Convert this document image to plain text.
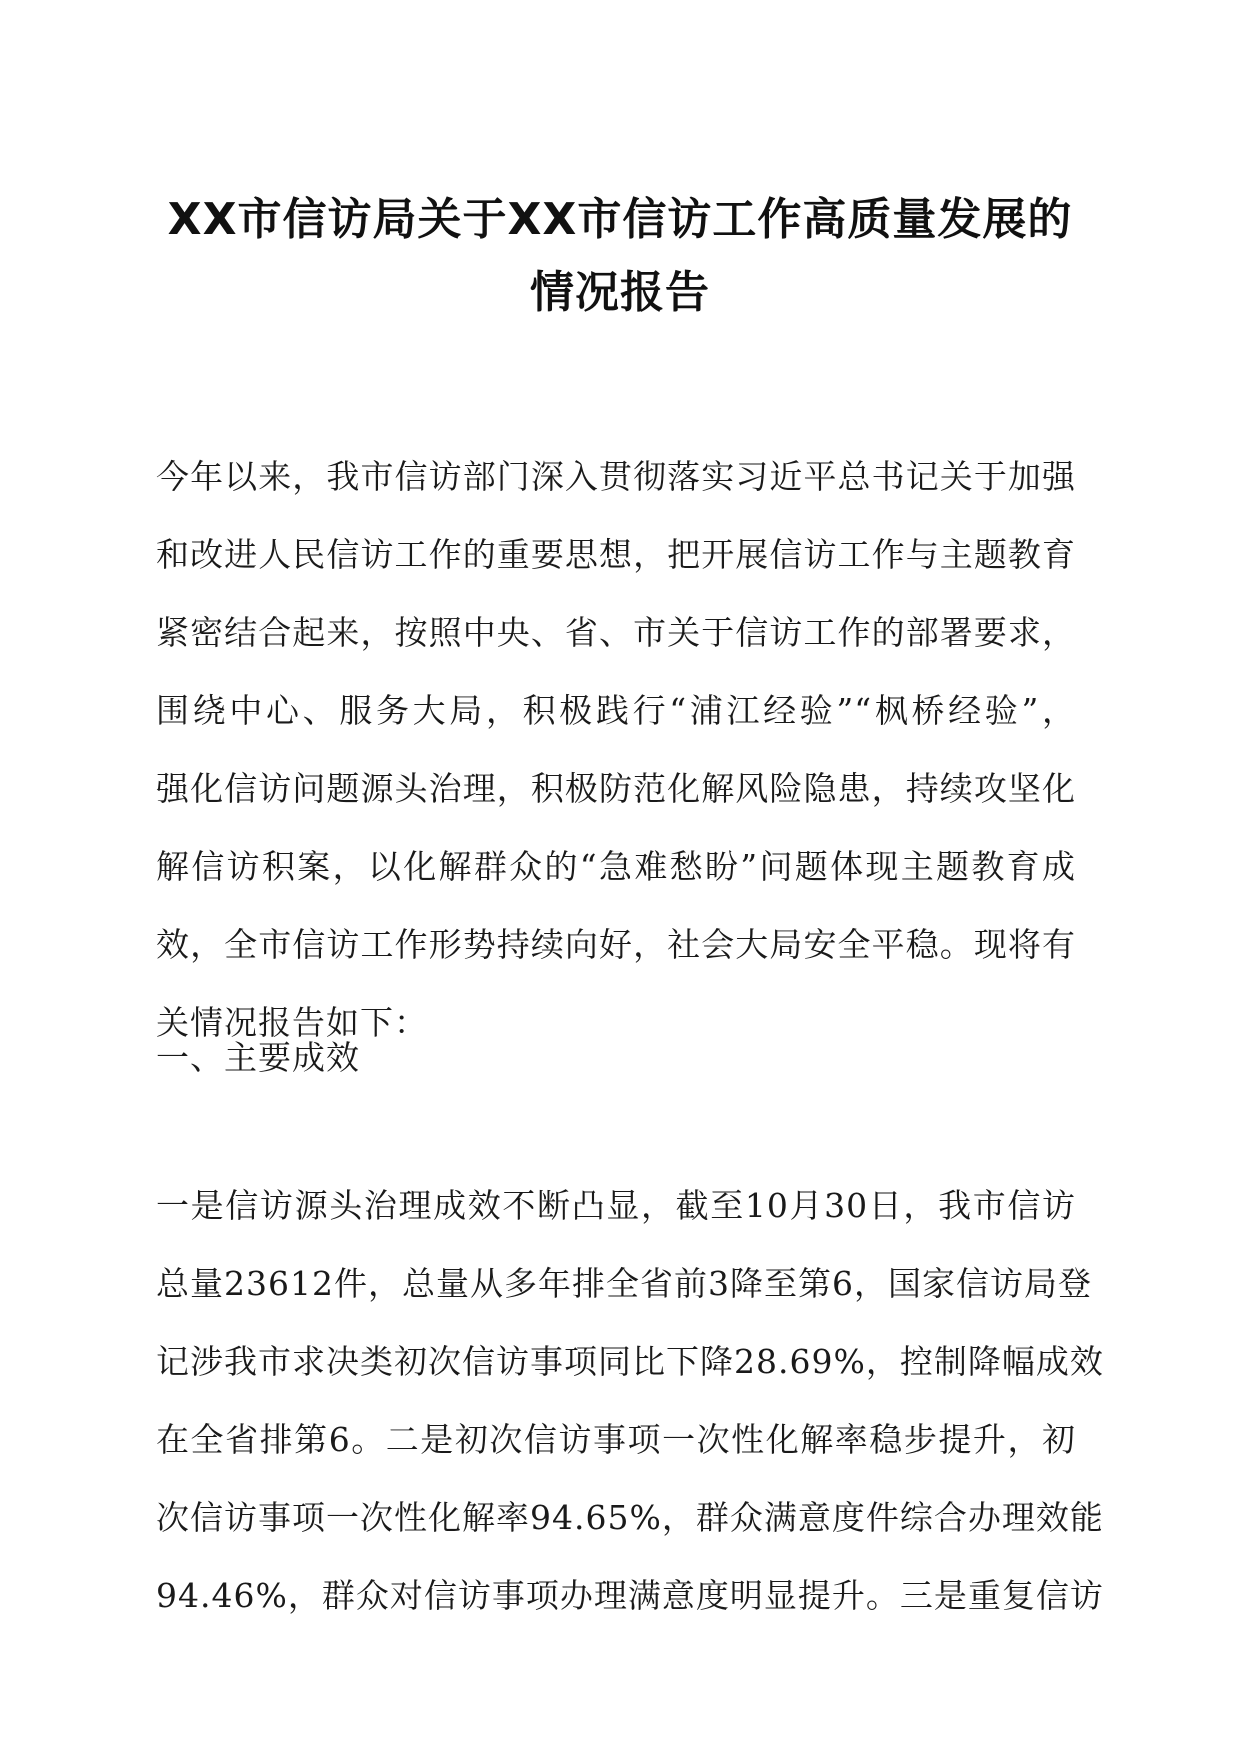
XX市信访局关于XX市信访工作高质量发展的
情况报告
今年以来，我市信访部门深入贯彻落实习近平总书记关于加强
和改进人民信访工作的重要思想，把开展信访工作与主题教育
紧密结合起来，按照中央、省、市关于信访工作的部署要求，
围绕中心、服务大局，积极践行“浦江经验”“枫桥经验”，
强化信访问题源头治理，积极防范化解风险隐患，持续攻坚化
解信访积案，以化解群众的“急难愁盼”问题体现主题教育成
效，全市信访工作形势持续向好，社会大局安全平稳。现将有
关情况报告如下：
一、主要成效
一是信访源头治理成效不断凸显，截至10月30日，我市信访
总量23612件，总量从多年排全省前3降至第6，国家信访局登
记涉我市求决类初次信访事项同比下降28.69%，控制降幅成效
在全省排第6。二是初次信访事项一次性化解率稳步提升，初
次信访事项一次性化解率94.65%，群众满意度件综合办理效能
94.46%，群众对信访事项办理满意度明显提升。三是重复信访
